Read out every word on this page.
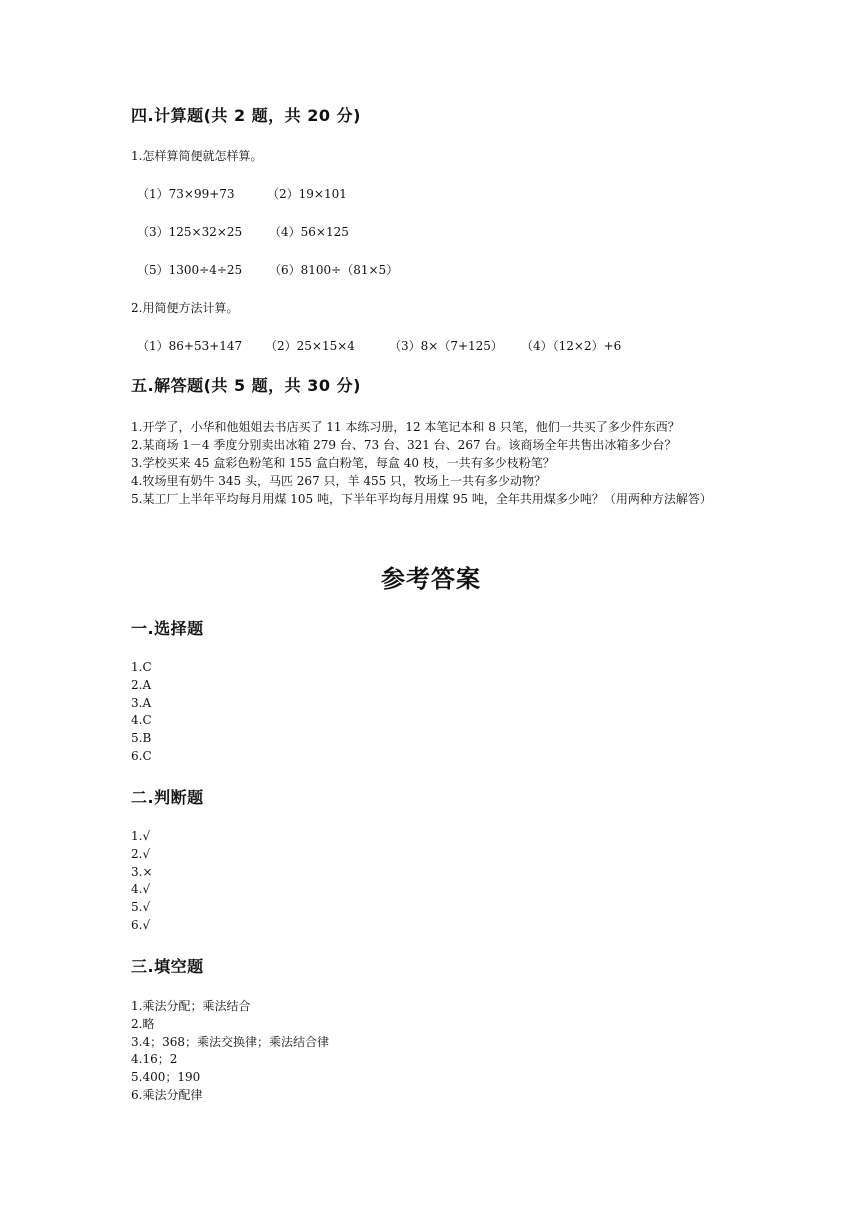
四.计算题(共 2 题，共 20 分)
1.怎样算简便就怎样算。
（1）73×99+73	（2）19×101
（3）125×32×25 （4）56×125
（5）1300÷4÷25 （6）8100÷（81×5）
2.用简便方法计算。
（1）86+53+147 （2）25×15×4	（3）8×（7+125） （4）（12×2）+6
五.解答题(共 5 题，共 30 分)
1.开学了，小华和他姐姐去书店买了 11 本练习册，12 本笔记本和 8 只笔，他们一共买了多少件东西？
2.某商场 1－4 季度分别卖出冰箱 279 台、73 台、321 台、267 台。该商场全年共售出冰箱多少台？
3.学校买来 45 盒彩色粉笔和 155 盒白粉笔，每盒 40 枝，一共有多少枝粉笔？
4.牧场里有奶牛 345 头，马匹 267 只，羊 455 只，牧场上一共有多少动物？
5.某工厂上半年平均每月用煤 105 吨，下半年平均每月用煤 95 吨，全年共用煤多少吨？（用两种方法解答）
参考答案
一.选择题
1.C
2.A
3.A
4.C
5.B
6.C
二.判断题
1.√
2.√
3.×
4.√
5.√
6.√
三.填空题
1.乘法分配；乘法结合
2.略
3.4；368；乘法交换律；乘法结合律
4.16；2
5.400；190
6.乘法分配律
